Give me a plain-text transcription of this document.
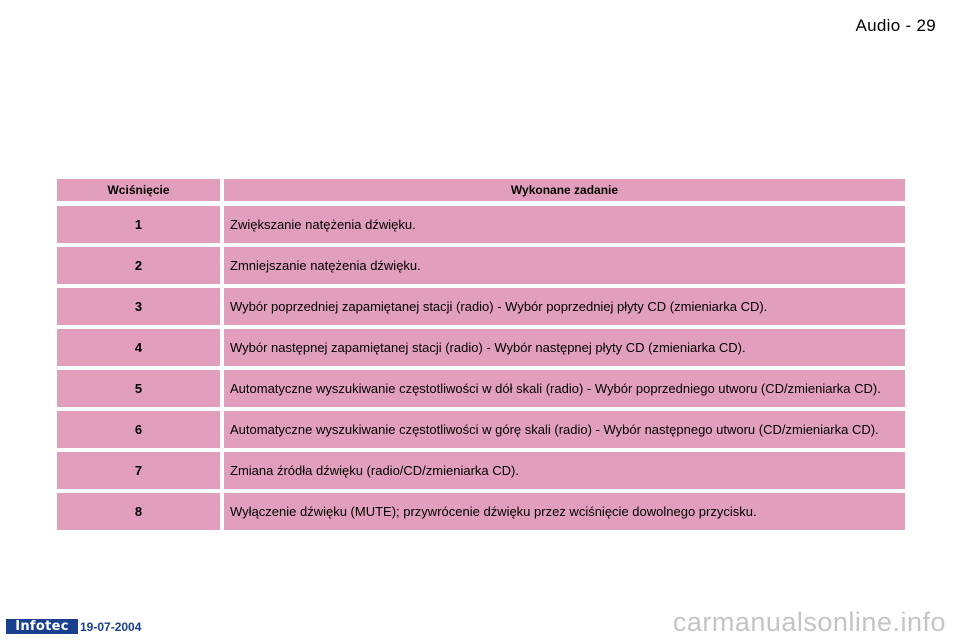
Audio - 29
Wciśnięcie	Wykonane zadanie
1	Zwiększanie natężenia dźwięku.
2	Zmniejszanie natężenia dźwięku.
3	Wybór poprzedniej zapamiętanej stacji (radio) - Wybór poprzedniej płyty CD (zmieniarka CD).
4	Wybór następnej zapamiętanej stacji (radio) - Wybór następnej płyty CD (zmieniarka CD).
5	Automatyczne wyszukiwanie częstotliwości w dół skali (radio) - Wybór poprzedniego utworu (CD/zmieniarka CD).
6	Automatyczne wyszukiwanie częstotliwości w górę skali (radio) - Wybór następnego utworu (CD/zmieniarka CD).
7	Zmiana źródła dźwięku (radio/CD/zmieniarka CD).
8	Wyłączenie dźwięku (MUTE); przywrócenie dźwięku przez wciśnięcie dowolnego przycisku.
Infotec 19-07-2004	carmanualsonline.info
